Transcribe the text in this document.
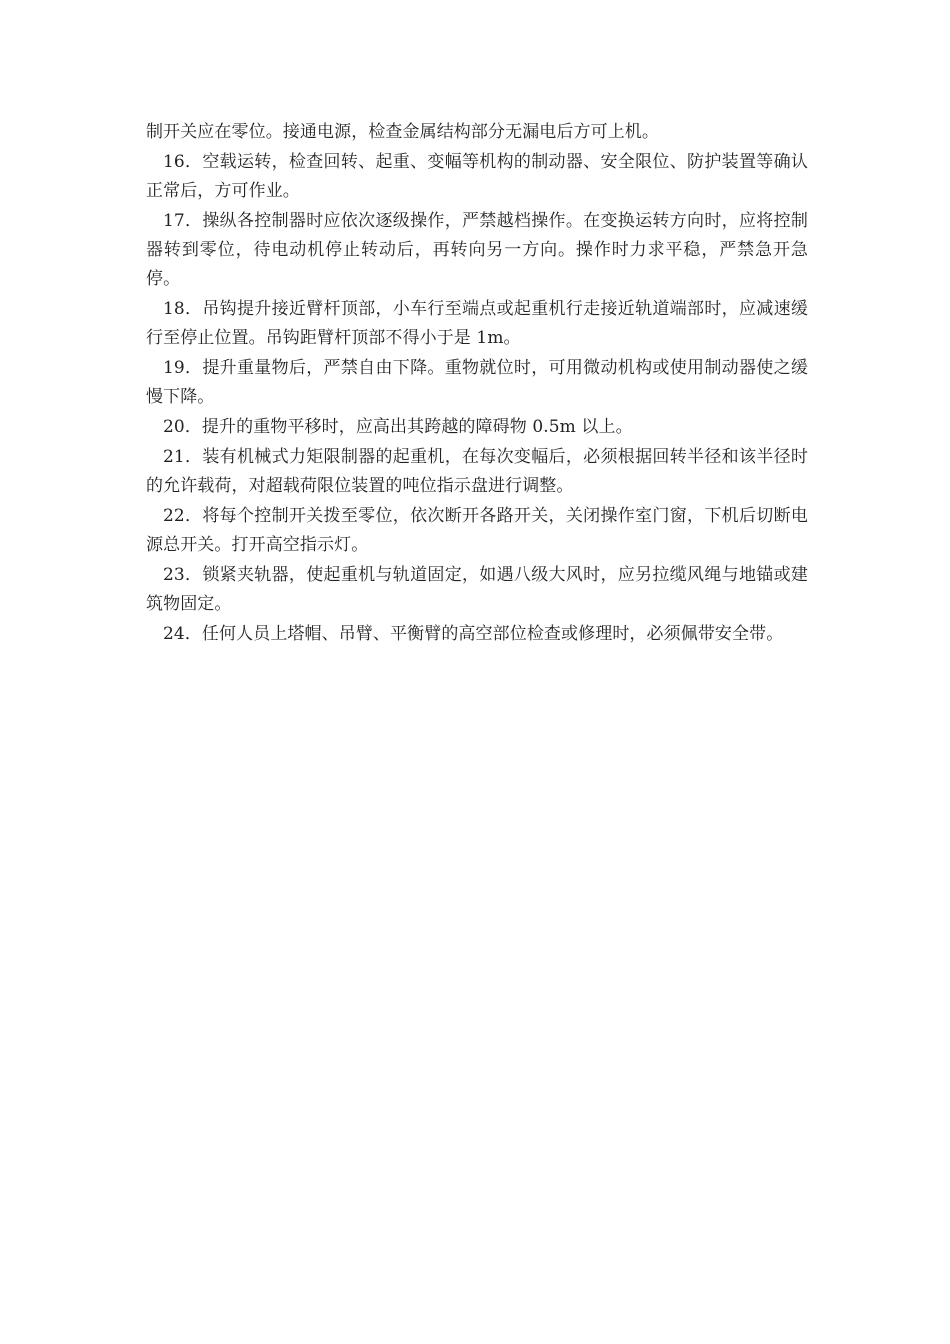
制开关应在零位。接通电源，检查金属结构部分无漏电后方可上机。

16．空载运转，检查回转、起重、变幅等机构的制动器、安全限位、防护装置等确认正常后，方可作业。

17．操纵各控制器时应依次逐级操作，严禁越档操作。在变换运转方向时，应将控制器转到零位，待电动机停止转动后，再转向另一方向。操作时力求平稳，严禁急开急停。

18．吊钩提升接近臂杆顶部，小车行至端点或起重机行走接近轨道端部时，应减速缓行至停止位置。吊钩距臂杆顶部不得小于是 1m。

19．提升重量物后，严禁自由下降。重物就位时，可用微动机构或使用制动器使之缓慢下降。

20．提升的重物平移时，应高出其跨越的障碍物 0.5m 以上。

21．装有机械式力矩限制器的起重机，在每次变幅后，必须根据回转半径和该半径时的允许载荷，对超载荷限位装置的吨位指示盘进行调整。

22．将每个控制开关拨至零位，依次断开各路开关，关闭操作室门窗，下机后切断电源总开关。打开高空指示灯。

23．锁紧夹轨器，使起重机与轨道固定，如遇八级大风时，应另拉缆风绳与地锚或建筑物固定。

24．任何人员上塔帽、吊臂、平衡臂的高空部位检查或修理时，必须佩带安全带。
